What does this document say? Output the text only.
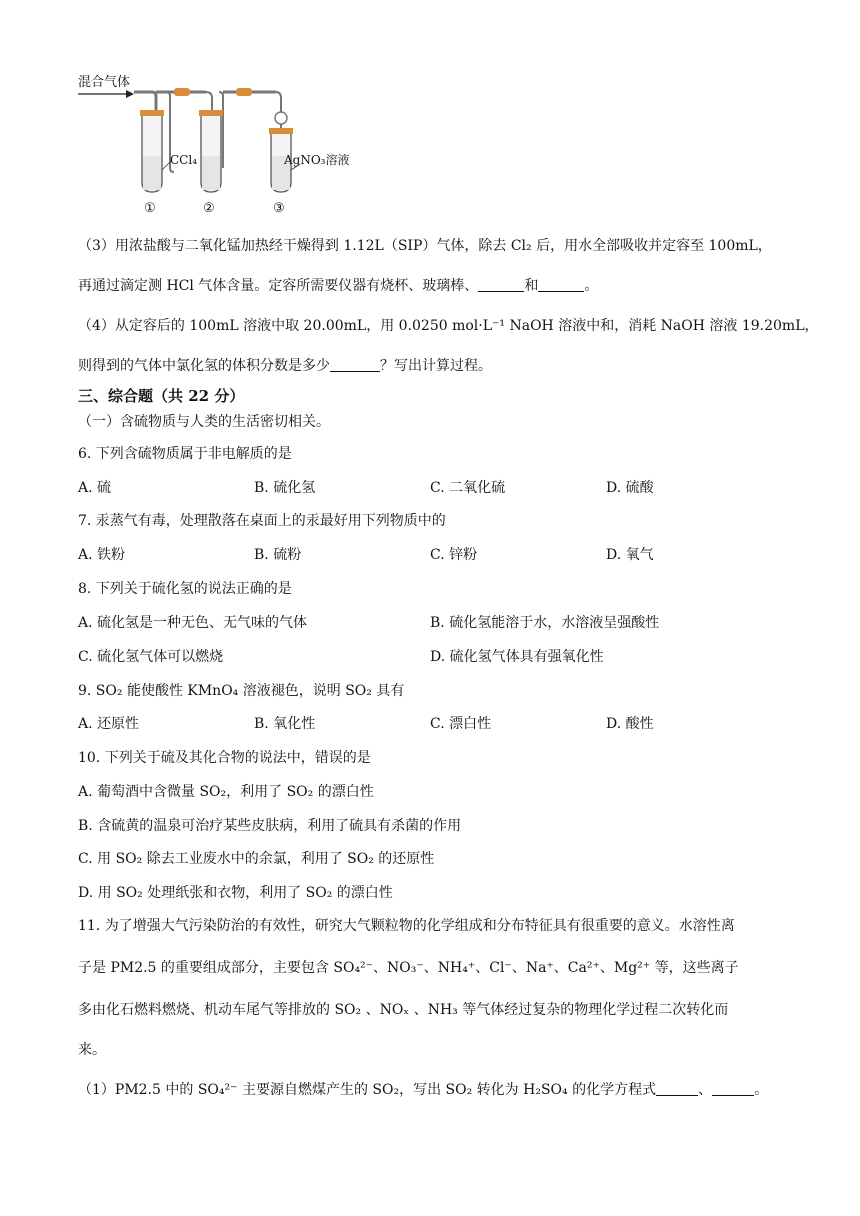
混合气体
CCl₄	AgNO₃溶液
①	②	③
（3）用浓盐酸与二氧化锰加热经干燥得到 1.12L（SIP）气体，除去 Cl₂ 后，用水全部吸收并定容至 100mL，
再通过滴定测 HCl 气体含量。定容所需要仪器有烧杯、玻璃棒、	和	。
（4）从定容后的 100mL 溶液中取 20.00mL，用 0.0250 mol·L⁻¹ NaOH 溶液中和，消耗 NaOH 溶液 19.20mL，
则得到的气体中氯化氢的体积分数是多少	？写出计算过程。
三、综合题（共 22 分）
（一）含硫物质与人类的生活密切相关。
6. 下列含硫物质属于非电解质的是
A. 硫	B. 硫化氢	C. 二氧化硫	D. 硫酸
7. 汞蒸气有毒，处理散落在桌面上的汞最好用下列物质中的
A. 铁粉	B. 硫粉	C. 锌粉	D. 氧气
8. 下列关于硫化氢的说法正确的是
A. 硫化氢是一种无色、无气味的气体	B. 硫化氢能溶于水，水溶液呈强酸性
C. 硫化氢气体可以燃烧	D. 硫化氢气体具有强氧化性
9. SO₂ 能使酸性 KMnO₄ 溶液褪色，说明 SO₂ 具有
A. 还原性	B. 氧化性	C. 漂白性	D. 酸性
10. 下列关于硫及其化合物的说法中，错误的是
A. 葡萄酒中含微量 SO₂，利用了 SO₂ 的漂白性
B. 含硫黄的温泉可治疗某些皮肤病，利用了硫具有杀菌的作用
C. 用 SO₂ 除去工业废水中的余氯，利用了 SO₂ 的还原性
D. 用 SO₂ 处理纸张和衣物，利用了 SO₂ 的漂白性
11. 为了增强大气污染防治的有效性，研究大气颗粒物的化学组成和分布特征具有很重要的意义。水溶性离
子是 PM2.5 的重要组成部分，主要包含 SO₄²⁻、NO₃⁻、NH₄⁺、Cl⁻、Na⁺、Ca²⁺、Mg²⁺ 等，这些离子
多由化石燃料燃烧、机动车尾气等排放的 SO₂ 、NOₓ 、NH₃ 等气体经过复杂的物理化学过程二次转化而
来。
（1）PM2.5 中的 SO₄²⁻ 主要源自燃煤产生的 SO₂，写出 SO₂ 转化为 H₂SO₄ 的化学方程式	、	。
